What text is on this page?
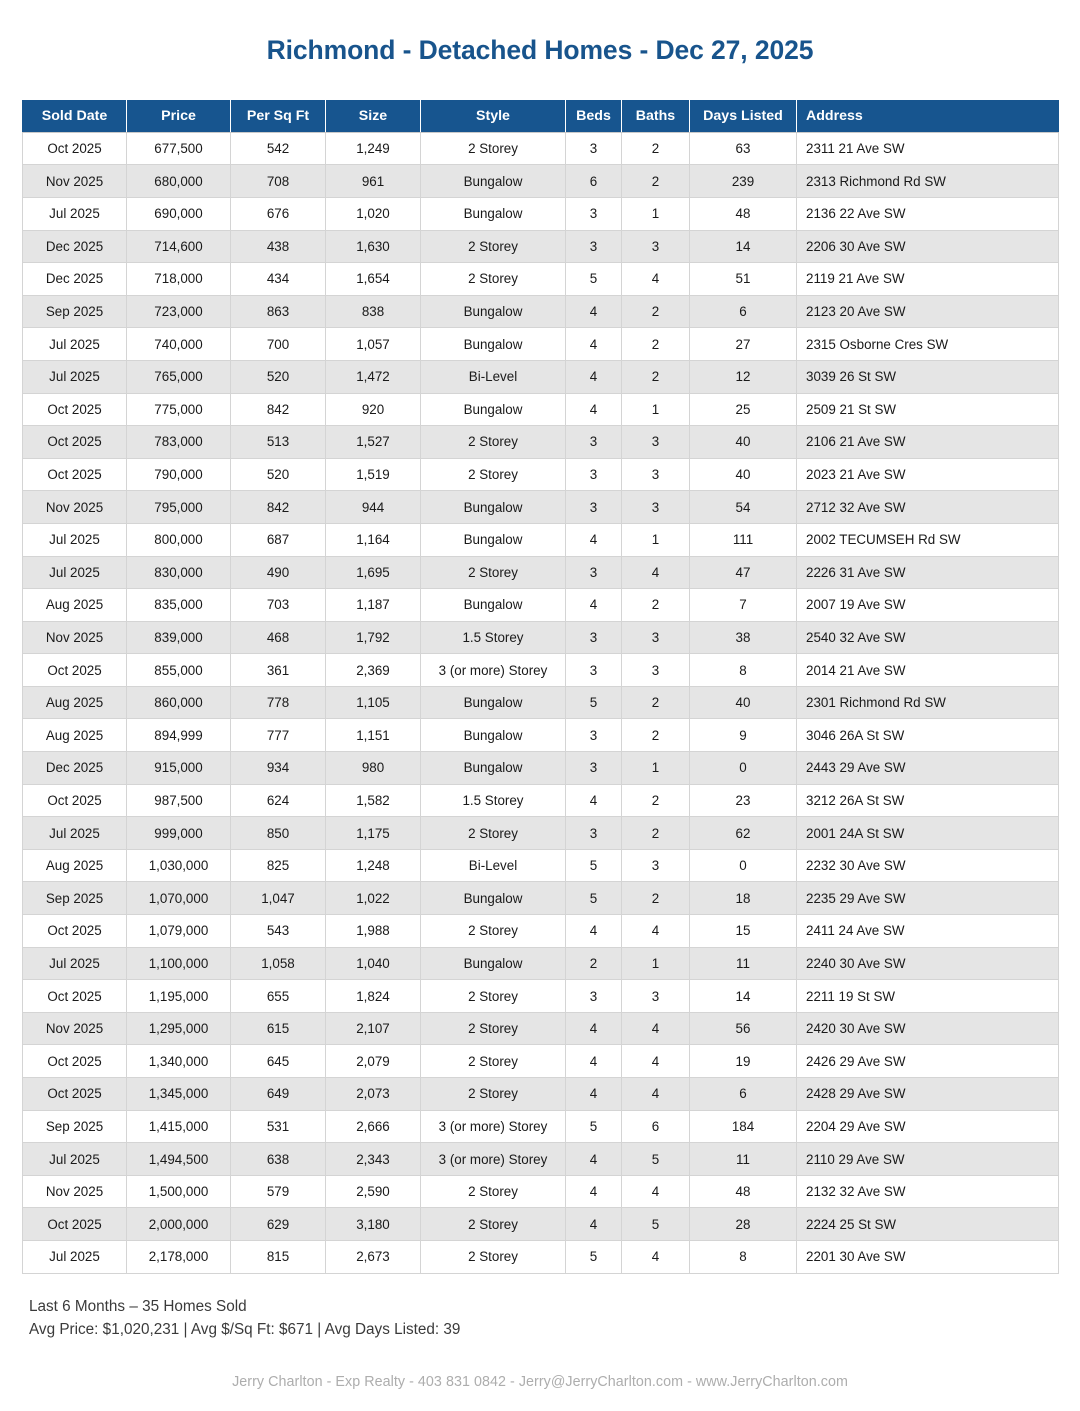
Richmond - Detached Homes - Dec 27, 2025
Sold Date	Price	Per Sq Ft	Size	Style	Beds	Baths	Days Listed	Address
Oct 2025	677,500	542	1,249	2 Storey	3	2	63	2311 21 Ave SW
Nov 2025	680,000	708	961	Bungalow	6	2	239	2313 Richmond Rd SW
Jul 2025	690,000	676	1,020	Bungalow	3	1	48	2136 22 Ave SW
Dec 2025	714,600	438	1,630	2 Storey	3	3	14	2206 30 Ave SW
Dec 2025	718,000	434	1,654	2 Storey	5	4	51	2119 21 Ave SW
Sep 2025	723,000	863	838	Bungalow	4	2	6	2123 20 Ave SW
Jul 2025	740,000	700	1,057	Bungalow	4	2	27	2315 Osborne Cres SW
Jul 2025	765,000	520	1,472	Bi-Level	4	2	12	3039 26 St SW
Oct 2025	775,000	842	920	Bungalow	4	1	25	2509 21 St SW
Oct 2025	783,000	513	1,527	2 Storey	3	3	40	2106 21 Ave SW
Oct 2025	790,000	520	1,519	2 Storey	3	3	40	2023 21 Ave SW
Nov 2025	795,000	842	944	Bungalow	3	3	54	2712 32 Ave SW
Jul 2025	800,000	687	1,164	Bungalow	4	1	111	2002 TECUMSEH Rd SW
Jul 2025	830,000	490	1,695	2 Storey	3	4	47	2226 31 Ave SW
Aug 2025	835,000	703	1,187	Bungalow	4	2	7	2007 19 Ave SW
Nov 2025	839,000	468	1,792	1.5 Storey	3	3	38	2540 32 Ave SW
Oct 2025	855,000	361	2,369	3 (or more) Storey	3	3	8	2014 21 Ave SW
Aug 2025	860,000	778	1,105	Bungalow	5	2	40	2301 Richmond Rd SW
Aug 2025	894,999	777	1,151	Bungalow	3	2	9	3046 26A St SW
Dec 2025	915,000	934	980	Bungalow	3	1	0	2443 29 Ave SW
Oct 2025	987,500	624	1,582	1.5 Storey	4	2	23	3212 26A St SW
Jul 2025	999,000	850	1,175	2 Storey	3	2	62	2001 24A St SW
Aug 2025	1,030,000	825	1,248	Bi-Level	5	3	0	2232 30 Ave SW
Sep 2025	1,070,000	1,047	1,022	Bungalow	5	2	18	2235 29 Ave SW
Oct 2025	1,079,000	543	1,988	2 Storey	4	4	15	2411 24 Ave SW
Jul 2025	1,100,000	1,058	1,040	Bungalow	2	1	11	2240 30 Ave SW
Oct 2025	1,195,000	655	1,824	2 Storey	3	3	14	2211 19 St SW
Nov 2025	1,295,000	615	2,107	2 Storey	4	4	56	2420 30 Ave SW
Oct 2025	1,340,000	645	2,079	2 Storey	4	4	19	2426 29 Ave SW
Oct 2025	1,345,000	649	2,073	2 Storey	4	4	6	2428 29 Ave SW
Sep 2025	1,415,000	531	2,666	3 (or more) Storey	5	6	184	2204 29 Ave SW
Jul 2025	1,494,500	638	2,343	3 (or more) Storey	4	5	11	2110 29 Ave SW
Nov 2025	1,500,000	579	2,590	2 Storey	4	4	48	2132 32 Ave SW
Oct 2025	2,000,000	629	3,180	2 Storey	4	5	28	2224 25 St SW
Jul 2025	2,178,000	815	2,673	2 Storey	5	4	8	2201 30 Ave SW
Last 6 Months – 35 Homes Sold
Avg Price: $1,020,231 | Avg $/Sq Ft: $671 | Avg Days Listed: 39
Jerry Charlton - Exp Realty - 403 831 0842 - Jerry@JerryCharlton.com - www.JerryCharlton.com
